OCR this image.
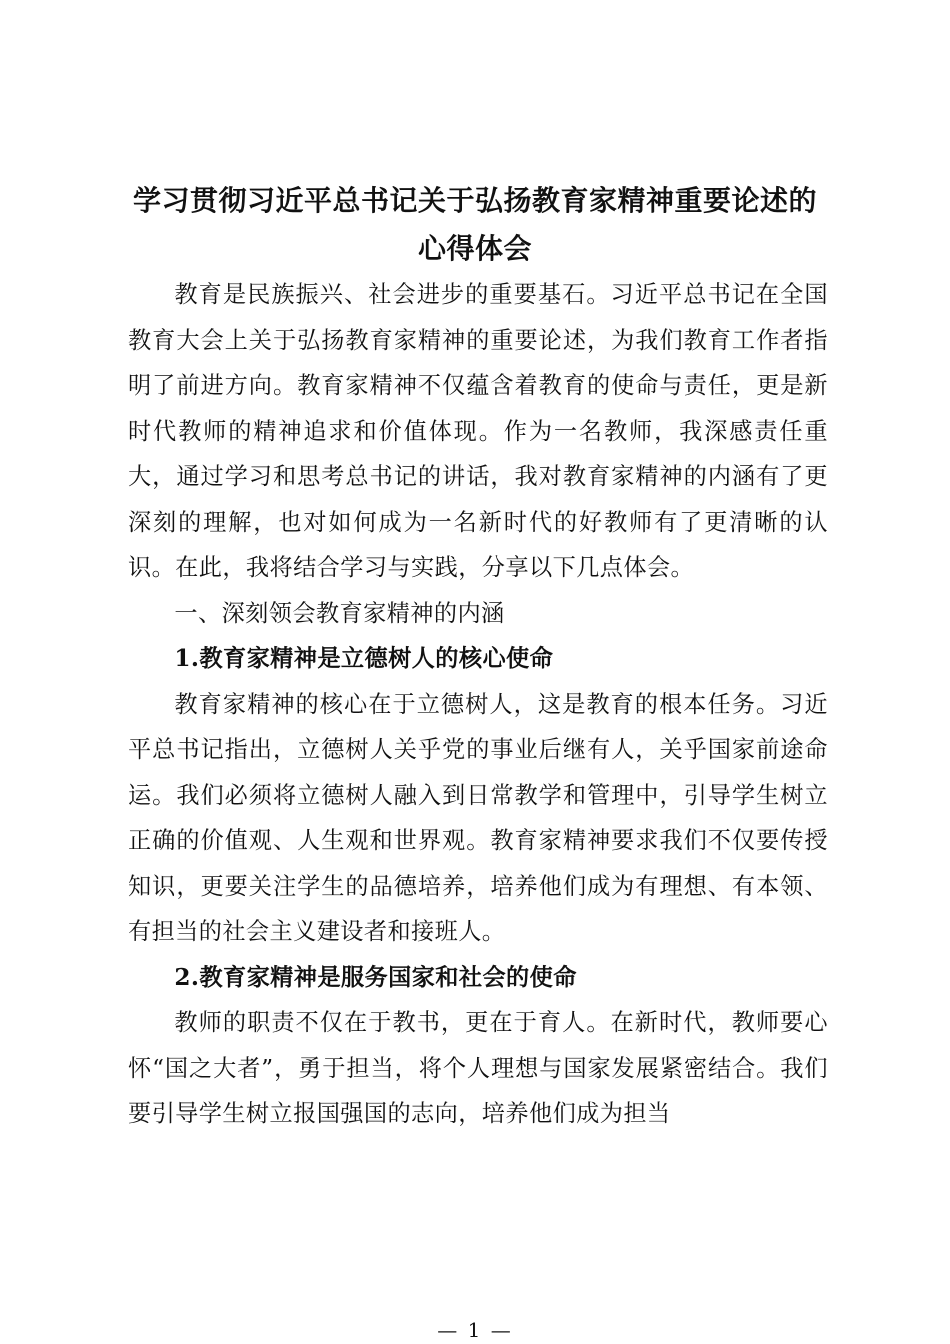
学习贯彻习近平总书记关于弘扬教育家精神重要论述的
心得体会

教育是民族振兴、社会进步的重要基石。习近平总书记在全国教育大会上关于弘扬教育家精神的重要论述，为我们教育工作者指明了前进方向。教育家精神不仅蕴含着教育的使命与责任，更是新时代教师的精神追求和价值体现。作为一名教师，我深感责任重大，通过学习和思考总书记的讲话，我对教育家精神的内涵有了更深刻的理解，也对如何成为一名新时代的好教师有了更清晰的认识。在此，我将结合学习与实践，分享以下几点体会。

一、深刻领会教育家精神的内涵

1.教育家精神是立德树人的核心使命

教育家精神的核心在于立德树人，这是教育的根本任务。习近平总书记指出，立德树人关乎党的事业后继有人，关乎国家前途命运。我们必须将立德树人融入到日常教学和管理中，引导学生树立正确的价值观、人生观和世界观。教育家精神要求我们不仅要传授知识，更要关注学生的品德培养，培养他们成为有理想、有本领、有担当的社会主义建设者和接班人。

2.教育家精神是服务国家和社会的使命

教师的职责不仅在于教书，更在于育人。在新时代，教师要心怀“国之大者”，勇于担当，将个人理想与国家发展紧密结合。我们要引导学生树立报国强国的志向，培养他们成为担当

— 1 —
